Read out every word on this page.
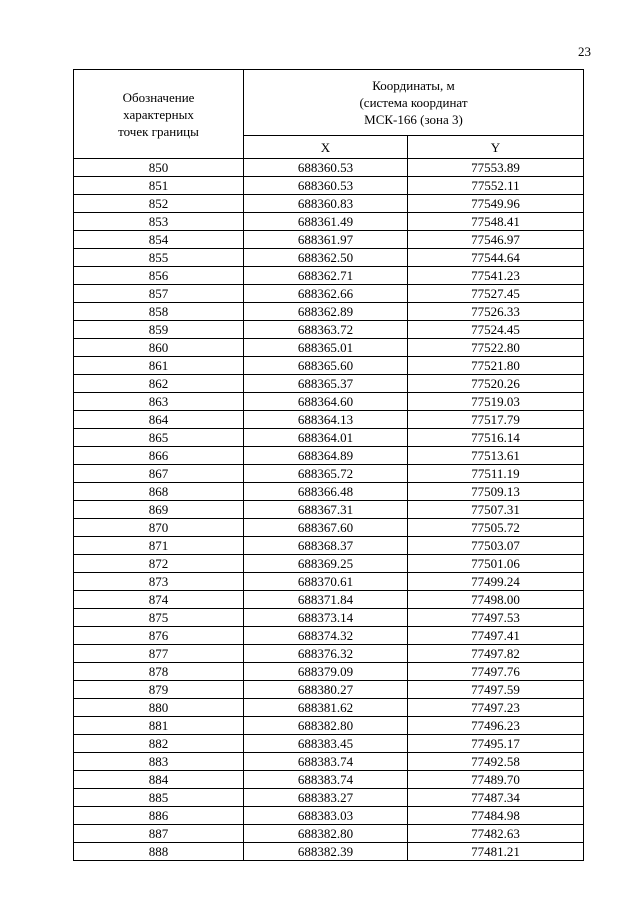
23
Обозначение
характерных
точек границы	Координаты, м
(система координат
МСК-166 (зона 3)	

	X	Y
850	688360.53	77553.89
851	688360.53	77552.11
852	688360.83	77549.96
853	688361.49	77548.41
854	688361.97	77546.97
855	688362.50	77544.64
856	688362.71	77541.23
857	688362.66	77527.45
858	688362.89	77526.33
859	688363.72	77524.45
860	688365.01	77522.80
861	688365.60	77521.80
862	688365.37	77520.26
863	688364.60	77519.03
864	688364.13	77517.79
865	688364.01	77516.14
866	688364.89	77513.61
867	688365.72	77511.19
868	688366.48	77509.13
869	688367.31	77507.31
870	688367.60	77505.72
871	688368.37	77503.07
872	688369.25	77501.06
873	688370.61	77499.24
874	688371.84	77498.00
875	688373.14	77497.53
876	688374.32	77497.41
877	688376.32	77497.82
878	688379.09	77497.76
879	688380.27	77497.59
880	688381.62	77497.23
881	688382.80	77496.23
882	688383.45	77495.17
883	688383.74	77492.58
884	688383.74	77489.70
885	688383.27	77487.34
886	688383.03	77484.98
887	688382.80	77482.63
888	688382.39	77481.21
